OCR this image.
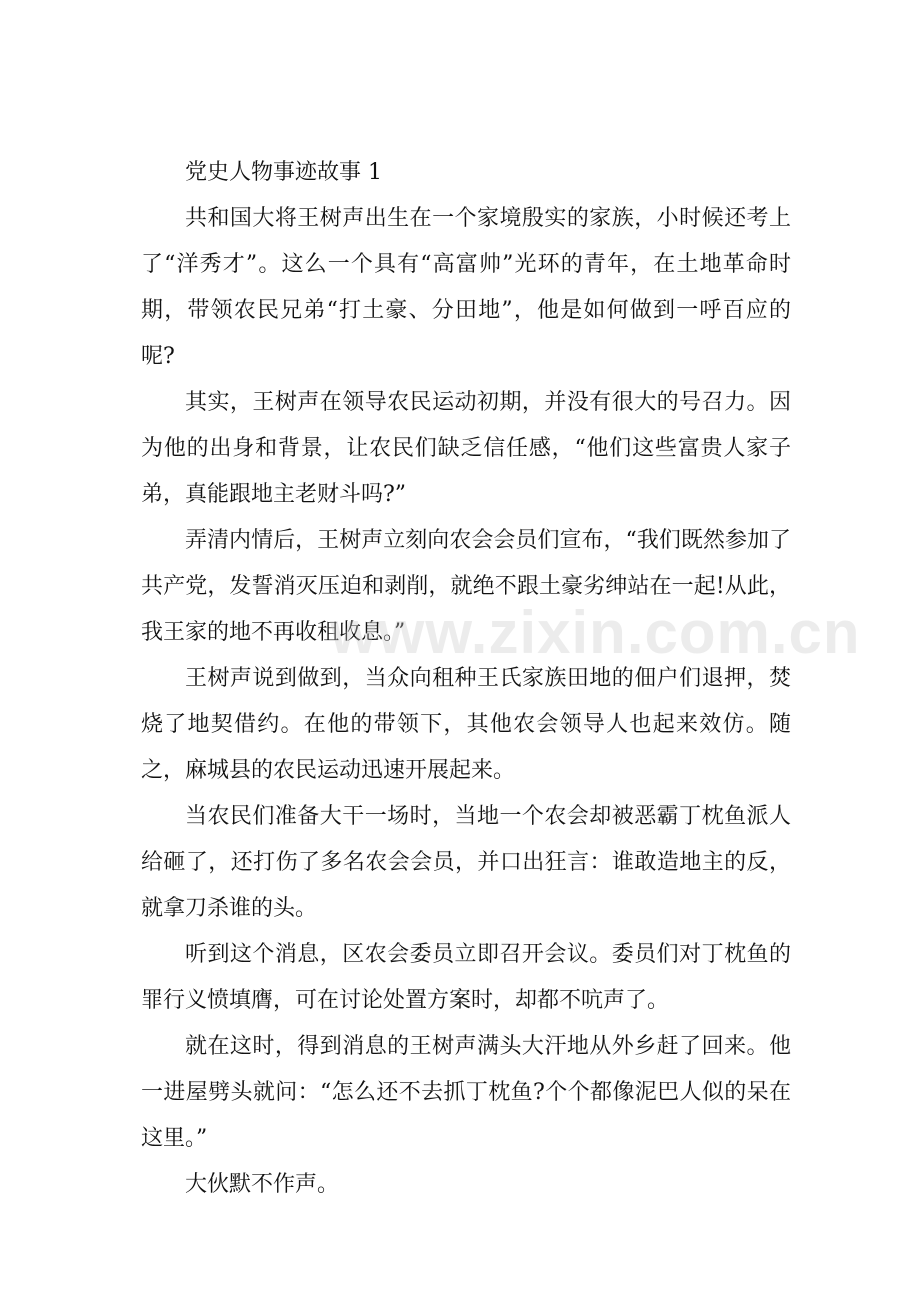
党史人物事迹故事 1

共和国大将王树声出生在一个家境殷实的家族，小时候还考上了“洋秀才”。这么一个具有“高富帅”光环的青年，在土地革命时期，带领农民兄弟“打土豪、分田地”，他是如何做到一呼百应的呢?

其实，王树声在领导农民运动初期，并没有很大的号召力。因为他的出身和背景，让农民们缺乏信任感，“他们这些富贵人家子弟，真能跟地主老财斗吗?”

弄清内情后，王树声立刻向农会会员们宣布，“我们既然参加了共产党，发誓消灭压迫和剥削，就绝不跟土豪劣绅站在一起!从此，我王家的地不再收租收息。”

王树声说到做到，当众向租种王氏家族田地的佃户们退押，焚烧了地契借约。在他的带领下，其他农会领导人也起来效仿。随之，麻城县的农民运动迅速开展起来。

当农民们准备大干一场时，当地一个农会却被恶霸丁枕鱼派人给砸了，还打伤了多名农会会员，并口出狂言：谁敢造地主的反，就拿刀杀谁的头。

听到这个消息，区农会委员立即召开会议。委员们对丁枕鱼的罪行义愤填膺，可在讨论处置方案时，却都不吭声了。

就在这时，得到消息的王树声满头大汗地从外乡赶了回来。他一进屋劈头就问：“怎么还不去抓丁枕鱼?个个都像泥巴人似的呆在这里。”

大伙默不作声。

www.zixin.com.cn
